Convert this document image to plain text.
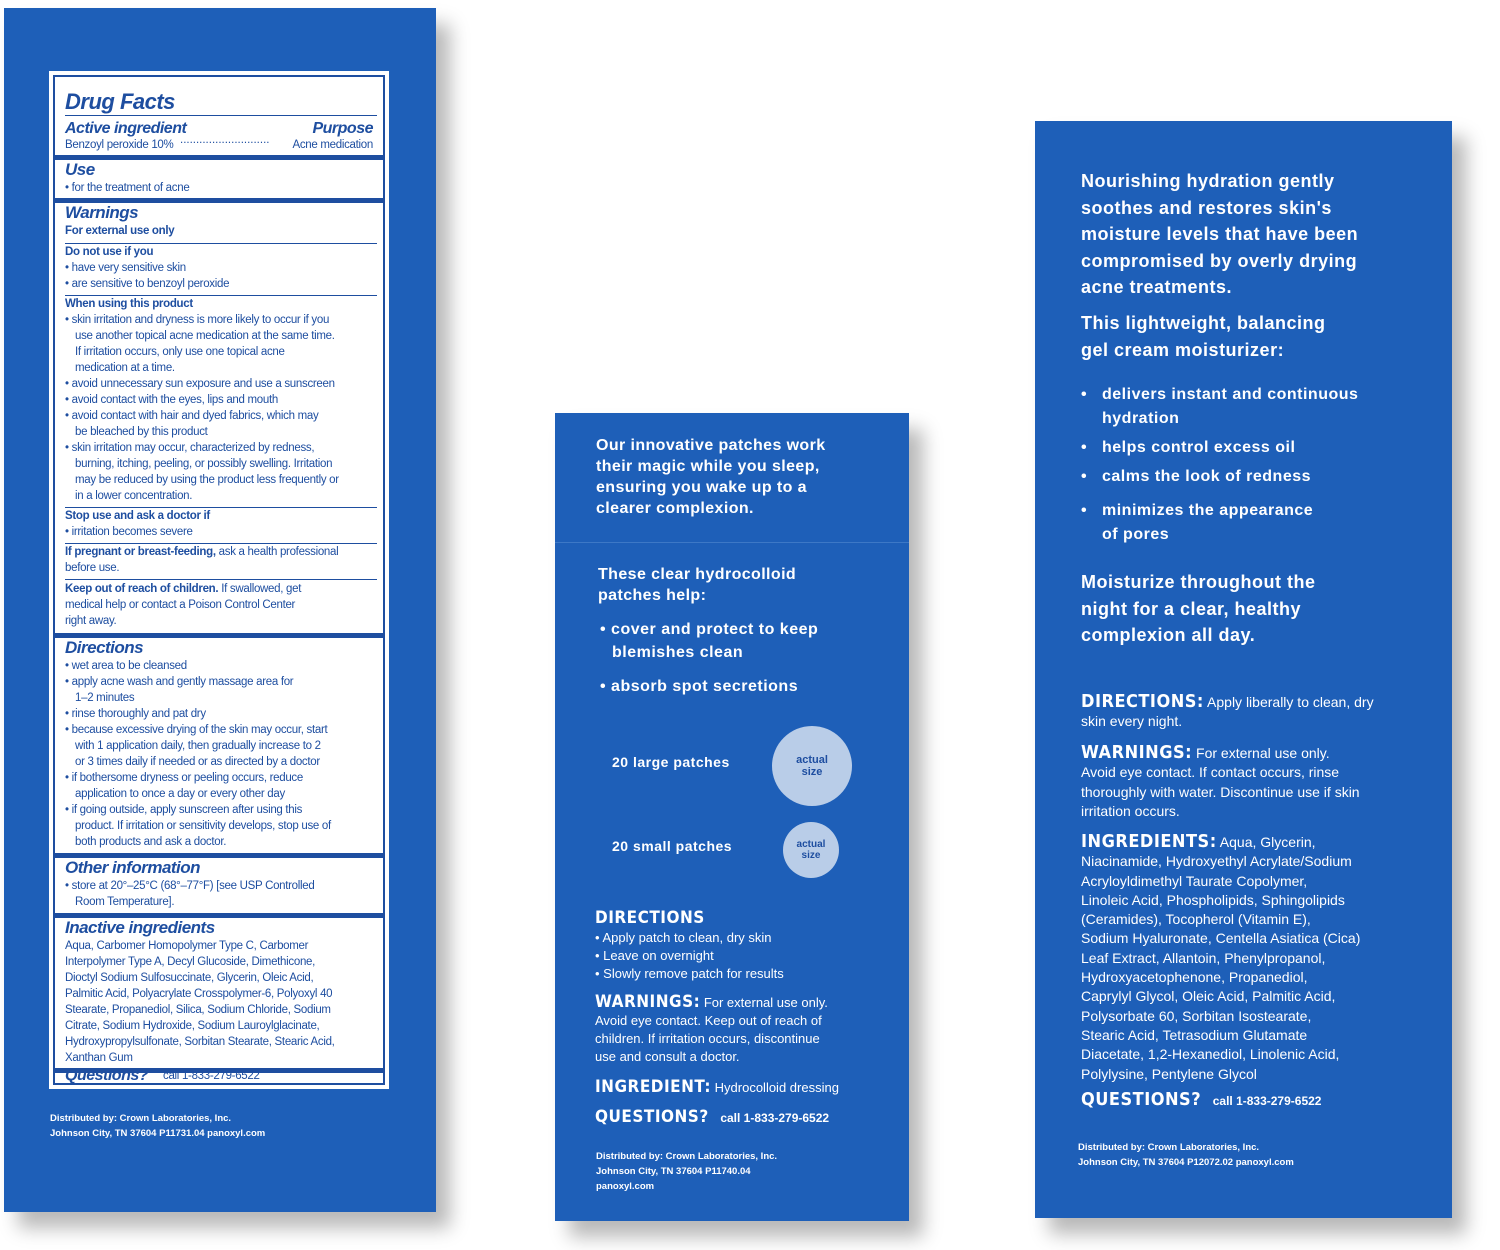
Drug Facts
Active ingredient	Purpose
Benzoyl peroxide 10% ............................ Acne medication
Use
• for the treatment of acne
Warnings
For external use only
Do not use if you
• have very sensitive skin
• are sensitive to benzoyl peroxide
When using this product
• skin irritation and dryness is more likely to occur if you
use another topical acne medication at the same time.
If irritation occurs, only use one topical acne
medication at a time.
• avoid unnecessary sun exposure and use a sunscreen
• avoid contact with the eyes, lips and mouth
• avoid contact with hair and dyed fabrics, which may
be bleached by this product
• skin irritation may occur, characterized by redness,
burning, itching, peeling, or possibly swelling. Irritation
may be reduced by using the product less frequently or
in a lower concentration.
Stop use and ask a doctor if
• irritation becomes severe
If pregnant or breast-feeding, ask a health professional
before use.
Keep out of reach of children. If swallowed, get
medical help or contact a Poison Control Center
right away.
Directions
• wet area to be cleansed
• apply acne wash and gently massage area for
1–2 minutes
• rinse thoroughly and pat dry
• because excessive drying of the skin may occur, start
with 1 application daily, then gradually increase to 2
or 3 times daily if needed or as directed by a doctor
• if bothersome dryness or peeling occurs, reduce
application to once a day or every other day
• if going outside, apply sunscreen after using this
product. If irritation or sensitivity develops, stop use of
both products and ask a doctor.
Other information
• store at 20°–25°C (68°–77°F) [see USP Controlled
Room Temperature].
Inactive ingredients
Aqua, Carbomer Homopolymer Type C, Carbomer
Interpolymer Type A, Decyl Glucoside, Dimethicone,
Dioctyl Sodium Sulfosuccinate, Glycerin, Oleic Acid,
Palmitic Acid, Polyacrylate Crosspolymer-6, Polyoxyl 40
Stearate, Propanediol, Silica, Sodium Chloride, Sodium
Citrate, Sodium Hydroxide, Sodium Lauroylglacinate,
Hydroxypropylsulfonate, Sorbitan Stearate, Stearic Acid,
Xanthan Gum
Questions? call 1-833-279-6522
Distributed by: Crown Laboratories, Inc.
Johnson City, TN 37604 P11731.04 panoxyl.com
Our innovative patches work
their magic while you sleep,
ensuring you wake up to a
clearer complexion.
These clear hydrocolloid
patches help:
• cover and protect to keep
blemishes clean
• absorb spot secretions
20 large patches	actual
size
20 small patches	actual
size
DIRECTIONS
• Apply patch to clean, dry skin
• Leave on overnight
• Slowly remove patch for results
WARNINGS: For external use only.
Avoid eye contact. Keep out of reach of
children. If irritation occurs, discontinue
use and consult a doctor.
INGREDIENT: Hydrocolloid dressing
QUESTIONS? call 1-833-279-6522
Distributed by: Crown Laboratories, Inc.
Johnson City, TN 37604 P11740.04
panoxyl.com
Nourishing hydration gently
soothes and restores skin's
moisture levels that have been
compromised by overly drying
acne treatments.
This lightweight, balancing
gel cream moisturizer:
• delivers instant and continuous
hydration
• helps control excess oil
• calms the look of redness
• minimizes the appearance
of pores
Moisturize throughout the
night for a clear, healthy
complexion all day.
DIRECTIONS: Apply liberally to clean, dry
skin every night.
WARNINGS: For external use only.
Avoid eye contact. If contact occurs, rinse
thoroughly with water. Discontinue use if skin
irritation occurs.
INGREDIENTS: Aqua, Glycerin,
Niacinamide, Hydroxyethyl Acrylate/Sodium
Acryloyldimethyl Taurate Copolymer,
Linoleic Acid, Phospholipids, Sphingolipids
(Ceramides), Tocopherol (Vitamin E),
Sodium Hyaluronate, Centella Asiatica (Cica)
Leaf Extract, Allantoin, Phenylpropanol,
Hydroxyacetophenone, Propanediol,
Caprylyl Glycol, Oleic Acid, Palmitic Acid,
Polysorbate 60, Sorbitan Isostearate,
Stearic Acid, Tetrasodium Glutamate
Diacetate, 1,2-Hexanediol, Linolenic Acid,
Polylysine, Pentylene Glycol
QUESTIONS? call 1-833-279-6522
Distributed by: Crown Laboratories, Inc.
Johnson City, TN 37604 P12072.02 panoxyl.com
